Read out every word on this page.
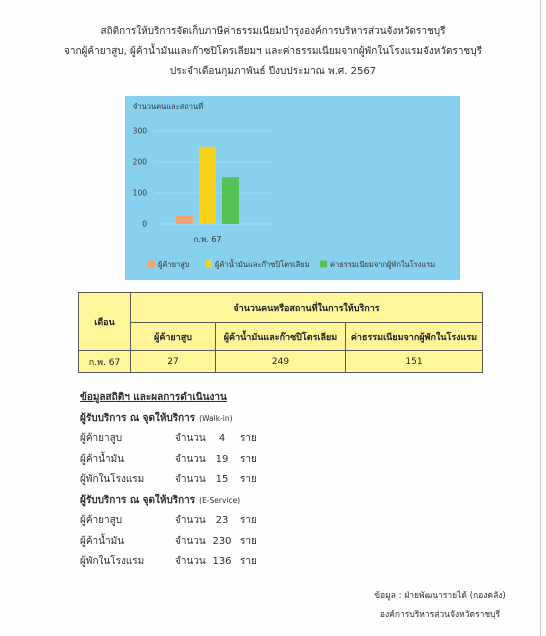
สถิติการให้บริการจัดเก็บภาษีค่าธรรมเนียมบำรุงองค์การบริหารส่วนจังหวัดราชบุรี
จากผู้ค้ายาสูบ, ผู้ค้าน้ำมันและก๊าซปิโตรเลียมฯ และค่าธรรมเนียมจากผู้พักในโรงแรมจังหวัดราชบุรี
ประจำเดือนกุมภาพันธ์ ปีงบประมาณ พ.ศ. 2567
จำนวนคนและสถานที่
0
100
200
300
ก.พ. 67
ผู้ค้ายาสูบ	ผู้ค้าน้ำมันและก๊าซปิโตรเลียม	ค่าธรรมเนียมจากผู้พักในโรงแรม
เดือน	จำนวนคนหรือสถานที่ในการให้บริการ		
	ผู้ค้ายาสูบ	ผู้ค้าน้ำมันและก๊าซปิโตรเลียม	ค่าธรรมเนียมจากผู้พักในโรงแรม
ก.พ. 67	27	249	151
ข้อมูลสถิติฯ และผลการดำเนินงาน
ผู้รับบริการ ณ จุดให้บริการ (Walk-in)
ผู้ค้ายาสูบ	จำนวน	4	ราย
ผู้ค้าน้ำมัน	จำนวน 19	ราย
ผู้พักในโรงแรม	จำนวน 15	ราย
ผู้รับบริการ ณ จุดให้บริการ (E-Service)
ผู้ค้ายาสูบ	จำนวน 23	ราย
ผู้ค้าน้ำมัน	จำนวน 230 ราย
ผู้พักในโรงแรม	จำนวน 136 ราย
ข้อมูล : ฝ่ายพัฒนารายได้ (กองคลัง)
องค์การบริหารส่วนจังหวัดราชบุรี
